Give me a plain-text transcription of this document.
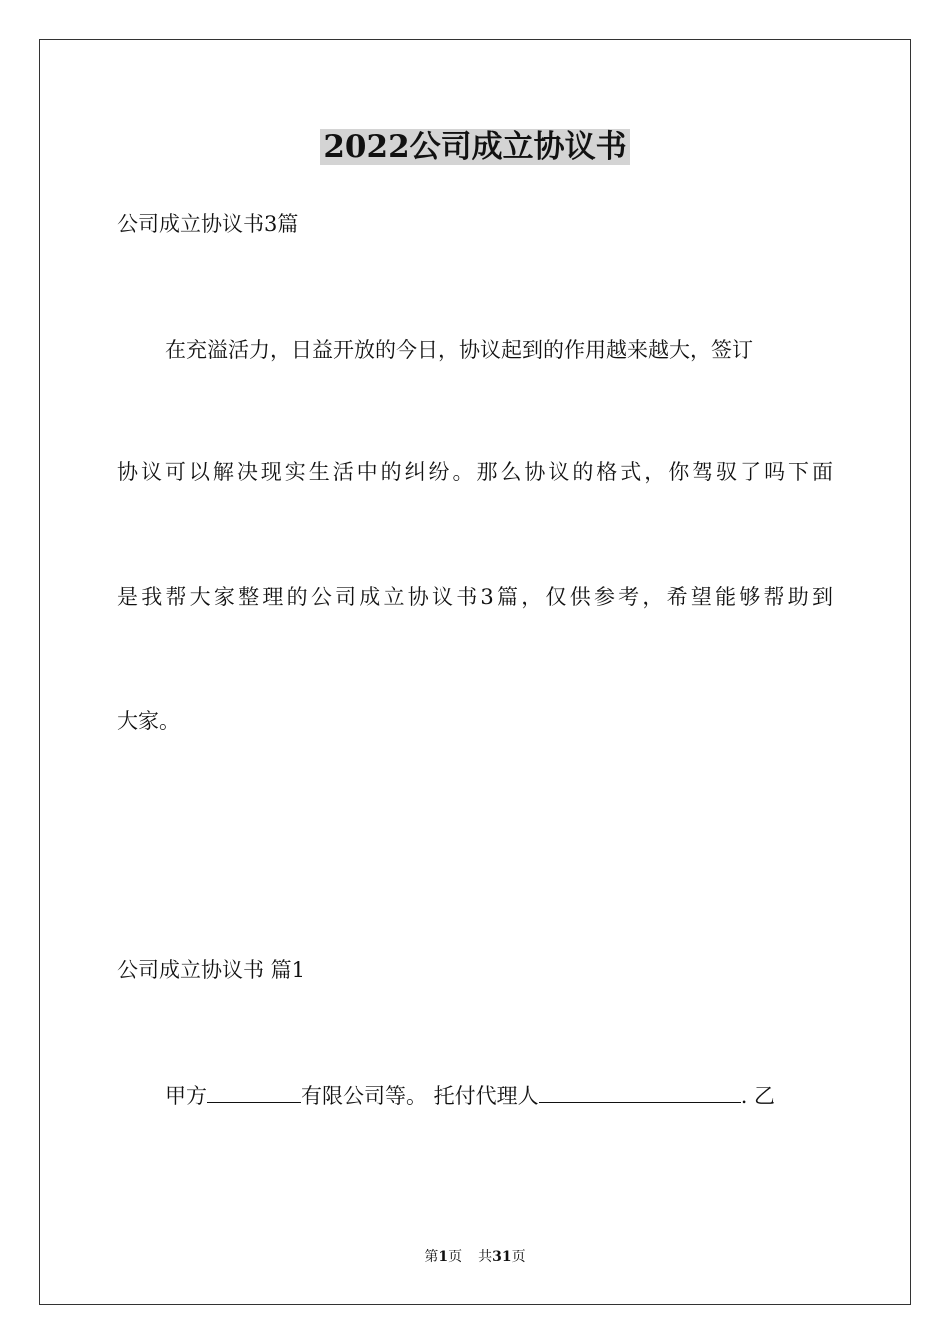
2022公司成立协议书

公司成立协议书3篇

在充溢活力，日益开放的今日，协议起到的作用越来越大，签订

协议可以解决现实生活中的纠纷。那么协议的格式，你驾驭了吗下面

是我帮大家整理的公司成立协议书3篇，仅供参考，希望能够帮助到

大家。

公司成立协议书 篇1

甲方	有限公司等。 托付代理人	. 乙

第1页 共31页
